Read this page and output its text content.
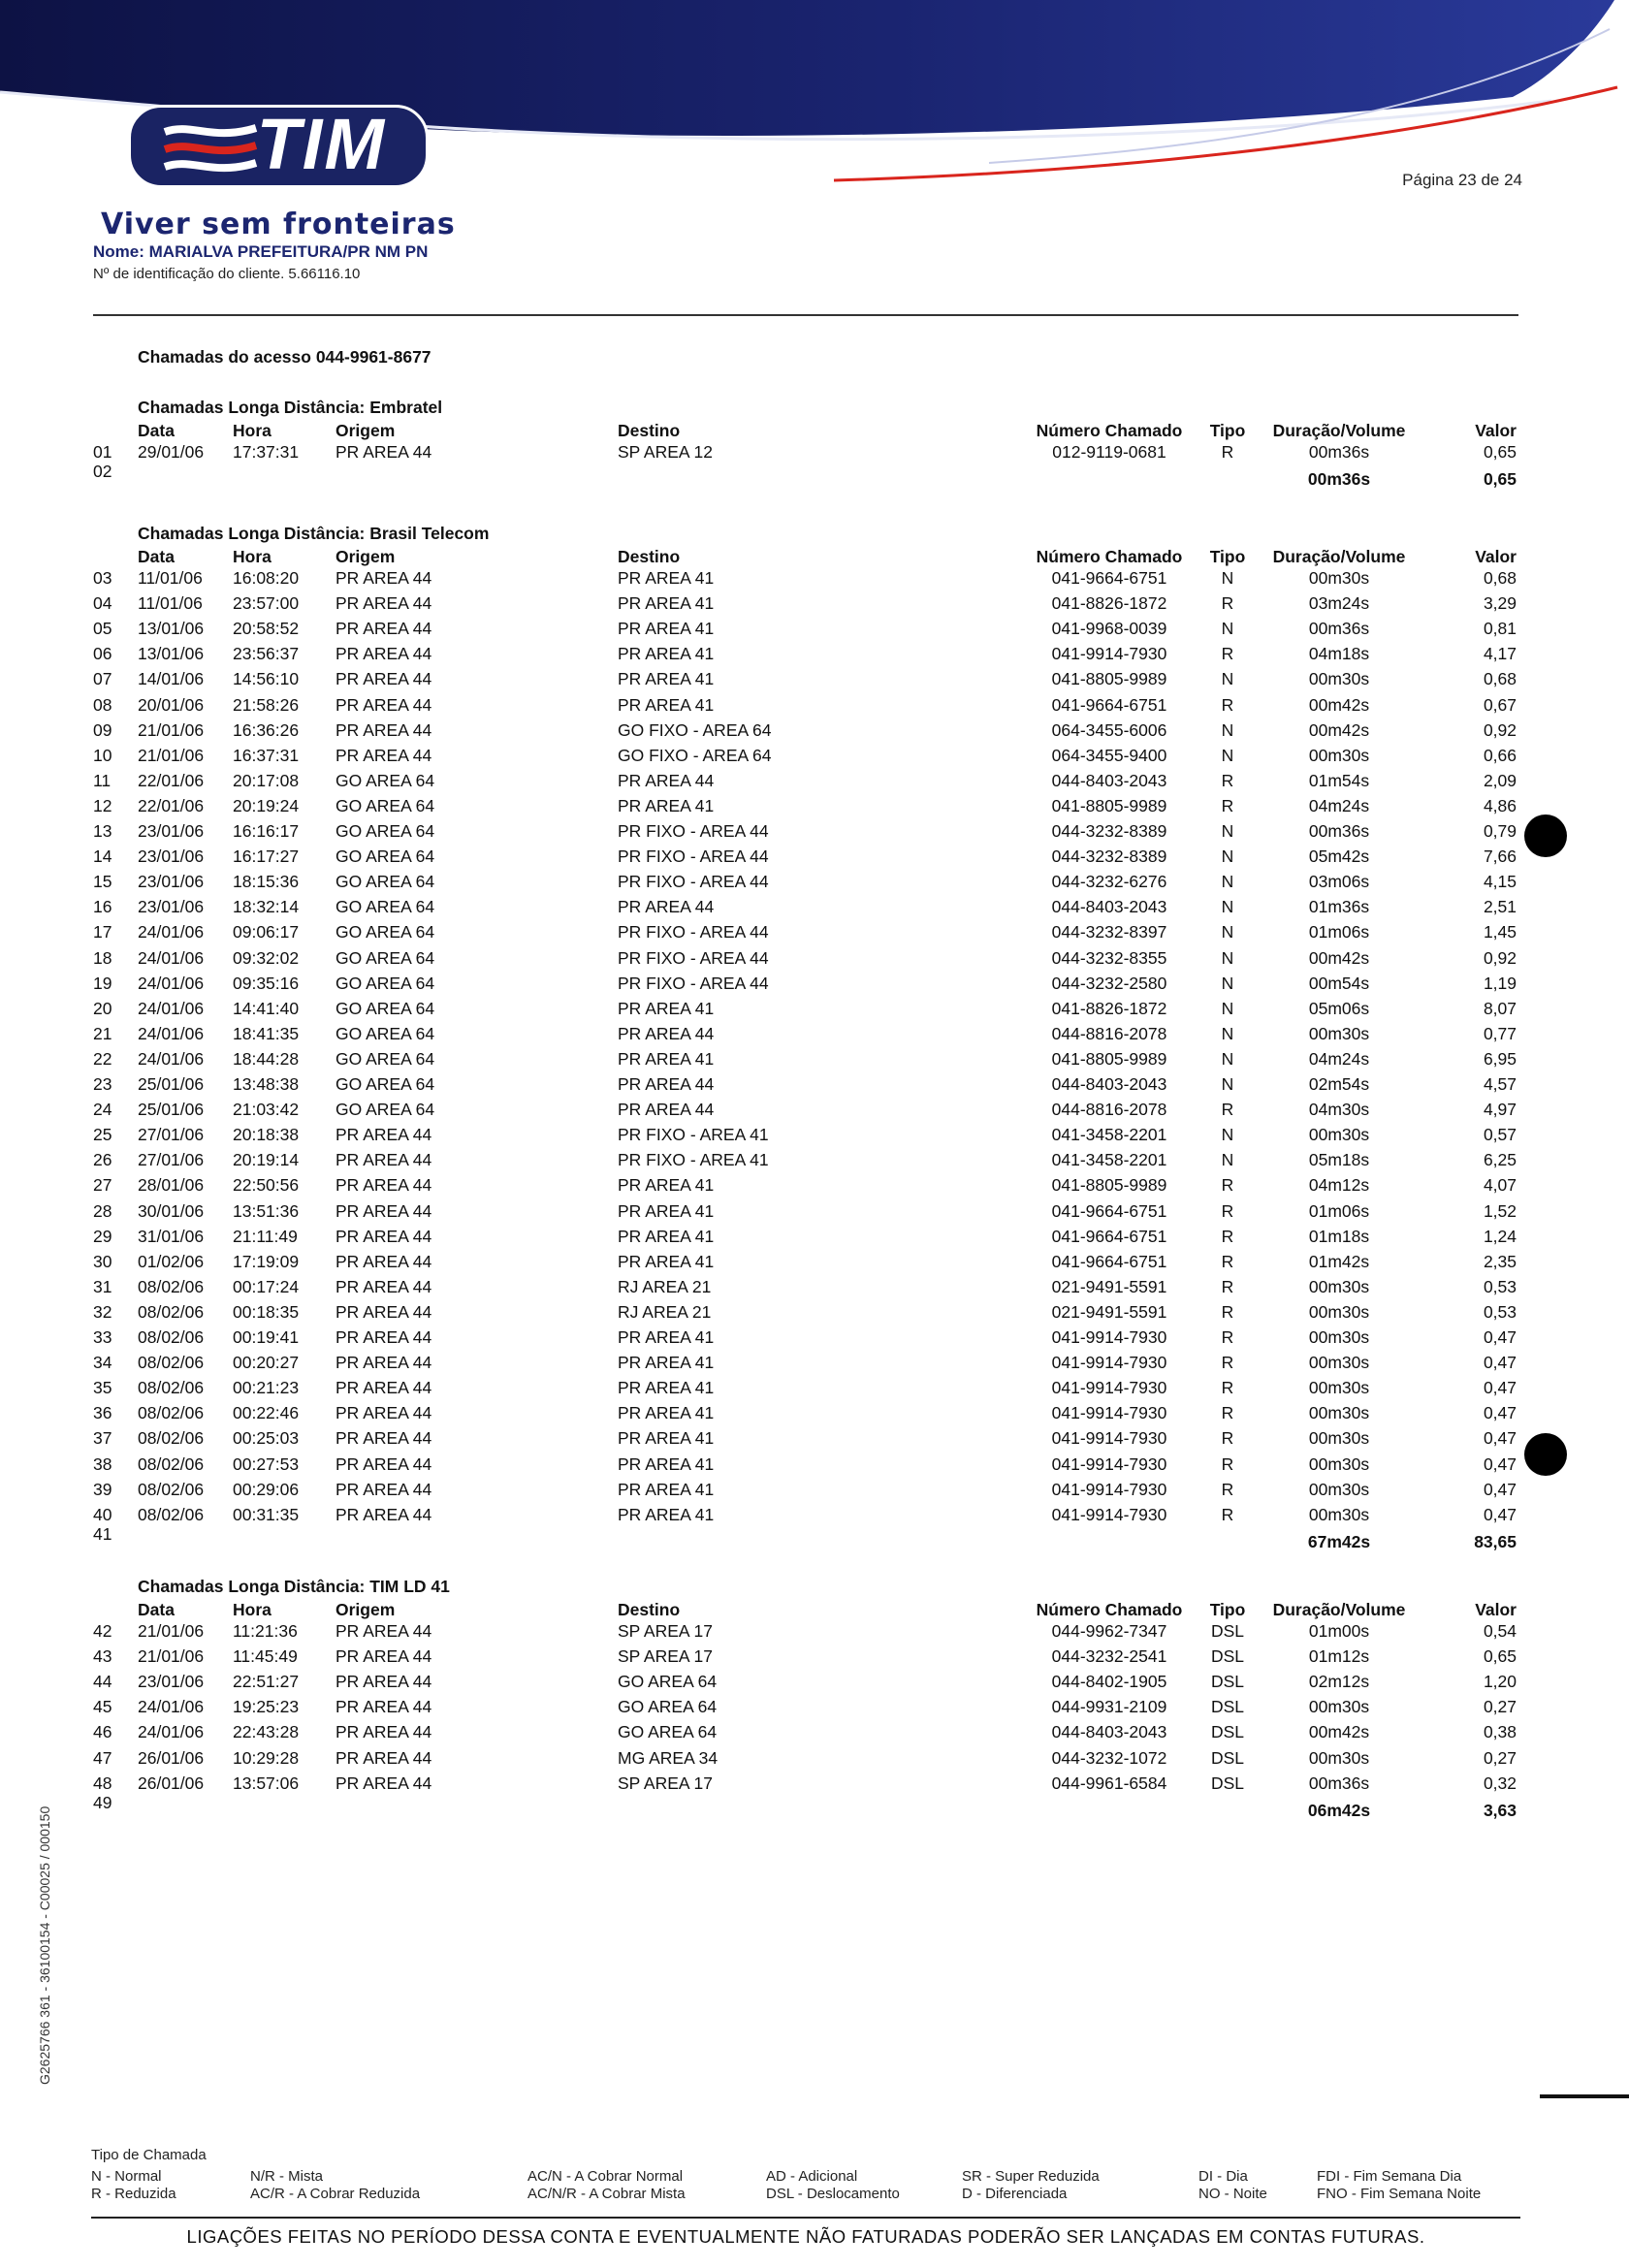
TIM
Viver sem fronteiras
Nome: MARIALVA PREFEITURA/PR NM PN
Nº de identificação do cliente. 5.66116.10
Página 23 de 24
Chamadas do acesso 044-9961-8677
Chamadas Longa Distância: Embratel
Data	Hora	Origem	Destino	Número Chamado	Tipo	Duração/Volume	Valor
01 29/01/06 17:37:31 PR AREA 44	SP AREA 12	012-9119-0681	R	00m36s	0,65
02	00m36s	0,65
Chamadas Longa Distância: Brasil Telecom
Data	Hora	Origem	Destino	Número Chamado	Tipo	Duração/Volume	Valor
03 11/01/06 16:08:20 PR AREA 44	PR AREA 41	041-9664-6751	N	00m30s	0,68
04 11/01/06 23:57:00 PR AREA 44	PR AREA 41	041-8826-1872	R	03m24s	3,29
05 13/01/06 20:58:52 PR AREA 44	PR AREA 41	041-9968-0039	N	00m36s	0,81
06 13/01/06 23:56:37 PR AREA 44	PR AREA 41	041-9914-7930	R	04m18s	4,17
07 14/01/06 14:56:10 PR AREA 44	PR AREA 41	041-8805-9989	N	00m30s	0,68
08 20/01/06 21:58:26 PR AREA 44	PR AREA 41	041-9664-6751	R	00m42s	0,67
09 21/01/06 16:36:26 PR AREA 44	GO FIXO - AREA 64	064-3455-6006	N	00m42s	0,92
10 21/01/06 16:37:31 PR AREA 44	GO FIXO - AREA 64	064-3455-9400	N	00m30s	0,66
11 22/01/06 20:17:08 GO AREA 64	PR AREA 44	044-8403-2043	R	01m54s	2,09
12 22/01/06 20:19:24 GO AREA 64	PR AREA 41	041-8805-9989	R	04m24s	4,86
13 23/01/06 16:16:17 GO AREA 64	PR FIXO - AREA 44	044-3232-8389	N	00m36s	0,79
14 23/01/06 16:17:27 GO AREA 64	PR FIXO - AREA 44	044-3232-8389	N	05m42s	7,66
15 23/01/06 18:15:36 GO AREA 64	PR FIXO - AREA 44	044-3232-6276	N	03m06s	4,15
16 23/01/06 18:32:14 GO AREA 64	PR AREA 44	044-8403-2043	N	01m36s	2,51
17 24/01/06 09:06:17 GO AREA 64	PR FIXO - AREA 44	044-3232-8397	N	01m06s	1,45
18 24/01/06 09:32:02 GO AREA 64	PR FIXO - AREA 44	044-3232-8355	N	00m42s	0,92
19 24/01/06 09:35:16 GO AREA 64	PR FIXO - AREA 44	044-3232-2580	N	00m54s	1,19
20 24/01/06 14:41:40 GO AREA 64	PR AREA 41	041-8826-1872	N	05m06s	8,07
21 24/01/06 18:41:35 GO AREA 64	PR AREA 44	044-8816-2078	N	00m30s	0,77
22 24/01/06 18:44:28 GO AREA 64	PR AREA 41	041-8805-9989	N	04m24s	6,95
23 25/01/06 13:48:38 GO AREA 64	PR AREA 44	044-8403-2043	N	02m54s	4,57
24 25/01/06 21:03:42 GO AREA 64	PR AREA 44	044-8816-2078	R	04m30s	4,97
25 27/01/06 20:18:38 PR AREA 44	PR FIXO - AREA 41	041-3458-2201	N	00m30s	0,57
26 27/01/06 20:19:14 PR AREA 44	PR FIXO - AREA 41	041-3458-2201	N	05m18s	6,25
27 28/01/06 22:50:56 PR AREA 44	PR AREA 41	041-8805-9989	R	04m12s	4,07
28 30/01/06 13:51:36 PR AREA 44	PR AREA 41	041-9664-6751	R	01m06s	1,52
29 31/01/06 21:11:49 PR AREA 44	PR AREA 41	041-9664-6751	R	01m18s	1,24
30 01/02/06 17:19:09 PR AREA 44	PR AREA 41	041-9664-6751	R	01m42s	2,35
31 08/02/06 00:17:24 PR AREA 44	RJ AREA 21	021-9491-5591	R	00m30s	0,53
32 08/02/06 00:18:35 PR AREA 44	RJ AREA 21	021-9491-5591	R	00m30s	0,53
33 08/02/06 00:19:41 PR AREA 44	PR AREA 41	041-9914-7930	R	00m30s	0,47
34 08/02/06 00:20:27 PR AREA 44	PR AREA 41	041-9914-7930	R	00m30s	0,47
35 08/02/06 00:21:23 PR AREA 44	PR AREA 41	041-9914-7930	R	00m30s	0,47
36 08/02/06 00:22:46 PR AREA 44	PR AREA 41	041-9914-7930	R	00m30s	0,47
37 08/02/06 00:25:03 PR AREA 44	PR AREA 41	041-9914-7930	R	00m30s	0,47
38 08/02/06 00:27:53 PR AREA 44	PR AREA 41	041-9914-7930	R	00m30s	0,47
39 08/02/06 00:29:06 PR AREA 44	PR AREA 41	041-9914-7930	R	00m30s	0,47
40 08/02/06 00:31:35 PR AREA 44	PR AREA 41	041-9914-7930	R	00m30s	0,47
41	67m42s	83,65
Chamadas Longa Distância: TIM LD 41
Data	Hora	Origem	Destino	Número Chamado	Tipo	Duração/Volume	Valor
42 21/01/06 11:21:36 PR AREA 44	SP AREA 17	044-9962-7347	DSL	01m00s	0,54
43 21/01/06 11:45:49 PR AREA 44	SP AREA 17	044-3232-2541	DSL	01m12s	0,65
44 23/01/06 22:51:27 PR AREA 44	GO AREA 64	044-8402-1905	DSL	02m12s	1,20
45 24/01/06 19:25:23 PR AREA 44	GO AREA 64	044-9931-2109	DSL	00m30s	0,27
46 24/01/06 22:43:28 PR AREA 44	GO AREA 64	044-8403-2043	DSL	00m42s	0,38
47 26/01/06 10:29:28 PR AREA 44	MG AREA 34	044-3232-1072	DSL	00m30s	0,27
48 26/01/06 13:57:06 PR AREA 44	SP AREA 17	044-9961-6584	DSL	00m36s	0,32
49	06m42s	3,63
G2625766 361 - 36100154 - C00025 / 000150
Tipo de Chamada
N - Normal
R - Reduzida
N/R - Mista
AC/R - A Cobrar Reduzida
AC/N - A Cobrar Normal
AC/N/R - A Cobrar Mista
AD - Adicional
DSL - Deslocamento
SR - Super Reduzida
D - Diferenciada
DI - Dia
NO - Noite
FDI - Fim Semana Dia
FNO - Fim Semana Noite
LIGAÇÕES FEITAS NO PERÍODO DESSA CONTA E EVENTUALMENTE NÃO FATURADAS PODERÃO SER LANÇADAS EM CONTAS FUTURAS.
